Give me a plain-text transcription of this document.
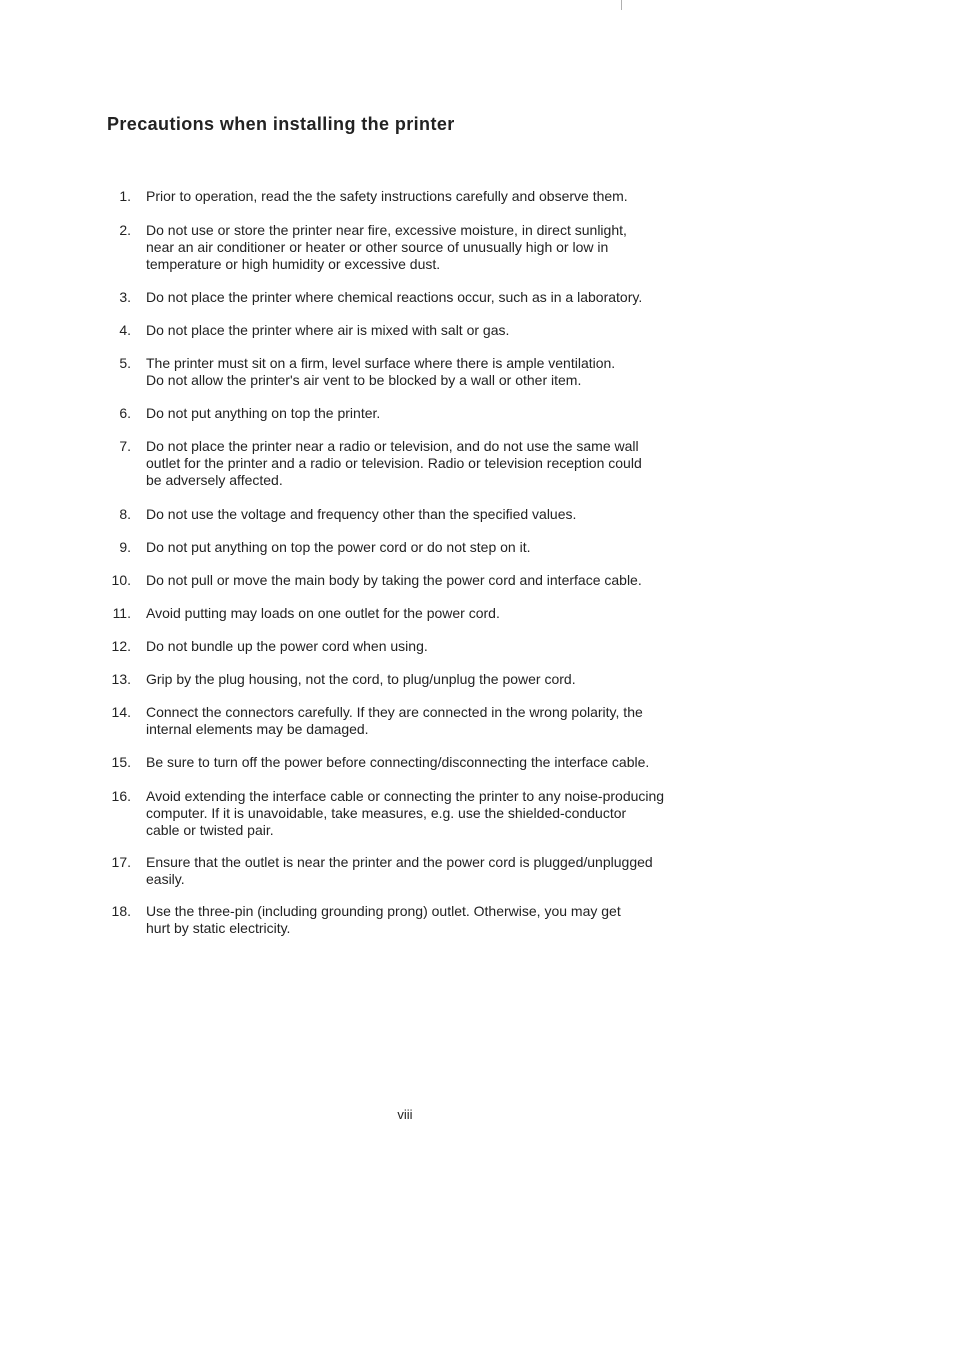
Precautions when installing the printer
1. Prior to operation, read the the safety instructions carefully and observe them.
2. Do not use or store the printer near fire, excessive moisture, in direct sunlight,
near an air conditioner or heater or other source of unusually high or low in
temperature or high humidity or excessive dust.
3. Do not place the printer where chemical reactions occur, such as in a laboratory.
4. Do not place the printer where air is mixed with salt or gas.
5. The printer must sit on a firm, level surface where there is ample ventilation.
Do not allow the printer's air vent to be blocked by a wall or other item.
6. Do not put anything on top the printer.
7. Do not place the printer near a radio or television, and do not use the same wall
outlet for the printer and a radio or television. Radio or television reception could
be adversely affected.
8. Do not use the voltage and frequency other than the specified values.
9. Do not put anything on top the power cord or do not step on it.
10. Do not pull or move the main body by taking the power cord and interface cable.
11. Avoid putting may loads on one outlet for the power cord.
12. Do not bundle up the power cord when using.
13. Grip by the plug housing, not the cord, to plug/unplug the power cord.
14. Connect the connectors carefully. If they are connected in the wrong polarity, the
internal elements may be damaged.
15. Be sure to turn off the power before connecting/disconnecting the interface cable.
16. Avoid extending the interface cable or connecting the printer to any noise-producing
computer. If it is unavoidable, take measures, e.g. use the shielded-conductor
cable or twisted pair.
17. Ensure that the outlet is near the printer and the power cord is plugged/unplugged
easily.
18. Use the three-pin (including grounding prong) outlet. Otherwise, you may get
hurt by static electricity.
viii
